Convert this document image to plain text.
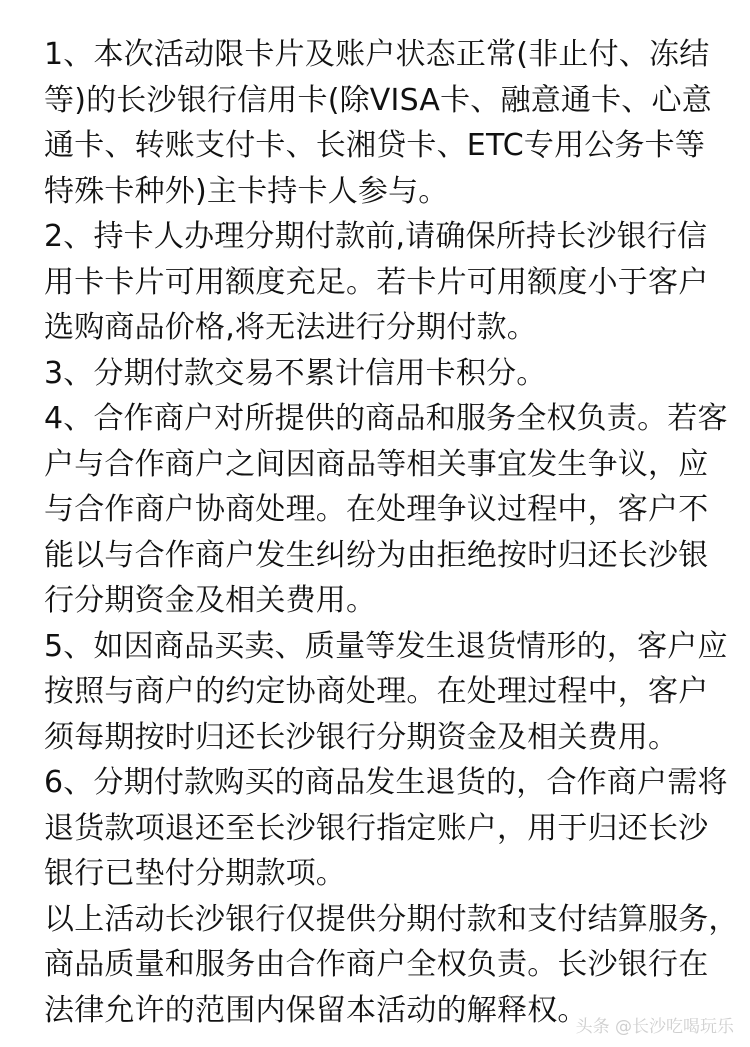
1、本次活动限卡片及账户状态正常(非止付、冻结
等)的长沙银行信用卡(除VISA卡、融意通卡、心意
通卡、转账支付卡、长湘贷卡、ETC专用公务卡等
特殊卡种外)主卡持卡人参与。
2、持卡人办理分期付款前,请确保所持长沙银行信
用卡卡片可用额度充足。若卡片可用额度小于客户
选购商品价格,将无法进行分期付款。
3、分期付款交易不累计信用卡积分。
4、合作商户对所提供的商品和服务全权负责。若客
户与合作商户之间因商品等相关事宜发生争议，应
与合作商户协商处理。在处理争议过程中，客户不
能以与合作商户发生纠纷为由拒绝按时归还长沙银
行分期资金及相关费用。
5、如因商品买卖、质量等发生退货情形的，客户应
按照与商户的约定协商处理。在处理过程中，客户
须每期按时归还长沙银行分期资金及相关费用。
6、分期付款购买的商品发生退货的，合作商户需将
退货款项退还至长沙银行指定账户，用于归还长沙
银行已垫付分期款项。
以上活动长沙银行仅提供分期付款和支付结算服务，
商品质量和服务由合作商户全权负责。长沙银行在
法律允许的范围内保留本活动的解释权。
头条 @长沙吃喝玩乐
